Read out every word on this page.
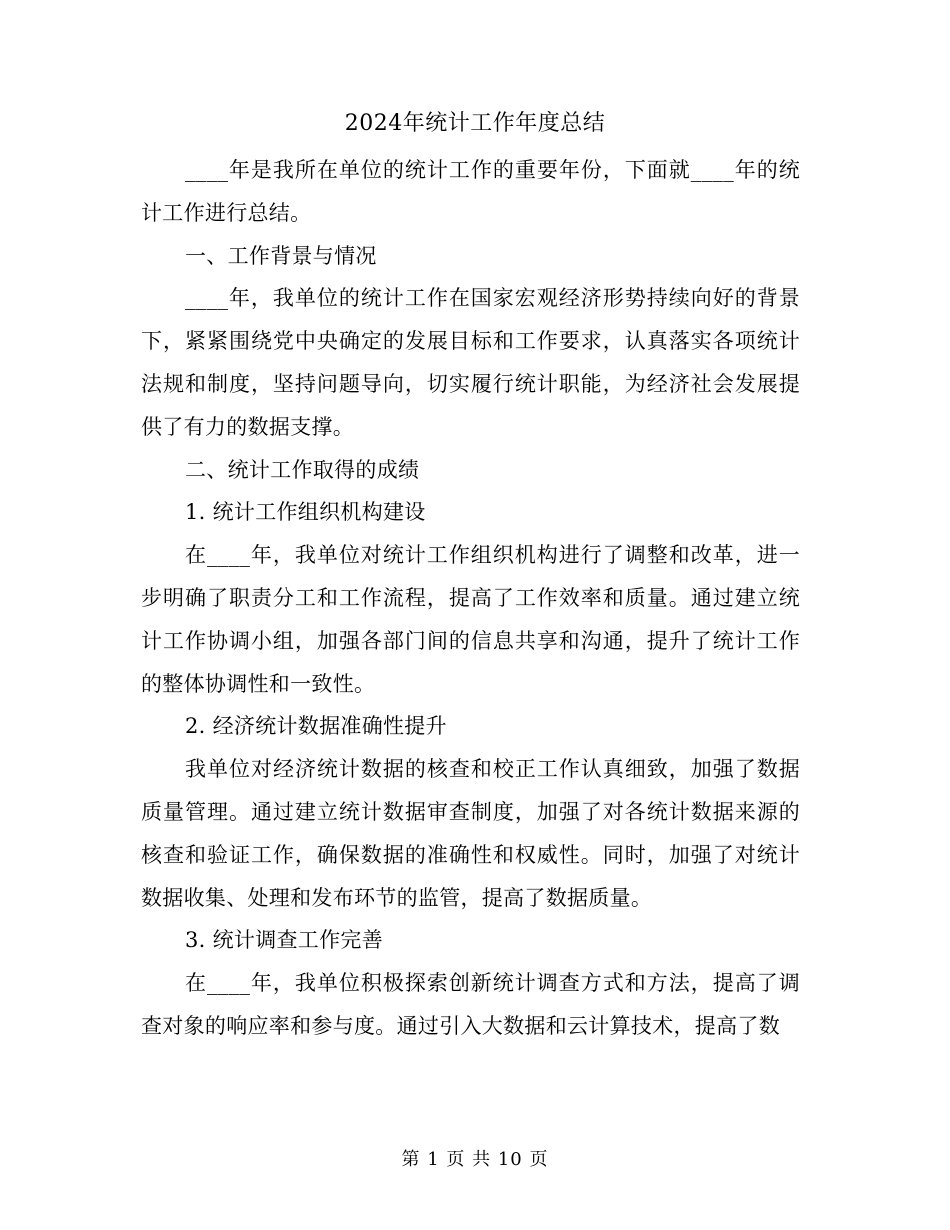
2024年统计工作年度总结

____年是我所在单位的统计工作的重要年份，下面就____年的统计工作进行总结。

一、工作背景与情况

____年，我单位的统计工作在国家宏观经济形势持续向好的背景下，紧紧围绕党中央确定的发展目标和工作要求，认真落实各项统计法规和制度，坚持问题导向，切实履行统计职能，为经济社会发展提供了有力的数据支撑。

二、统计工作取得的成绩

1. 统计工作组织机构建设

在____年，我单位对统计工作组织机构进行了调整和改革，进一步明确了职责分工和工作流程，提高了工作效率和质量。通过建立统计工作协调小组，加强各部门间的信息共享和沟通，提升了统计工作的整体协调性和一致性。

2. 经济统计数据准确性提升

我单位对经济统计数据的核查和校正工作认真细致，加强了数据质量管理。通过建立统计数据审查制度，加强了对各统计数据来源的核查和验证工作，确保数据的准确性和权威性。同时，加强了对统计数据收集、处理和发布环节的监管，提高了数据质量。

3. 统计调查工作完善

在____年，我单位积极探索创新统计调查方式和方法，提高了调查对象的响应率和参与度。通过引入大数据和云计算技术，提高了数

第 1 页 共 10 页
